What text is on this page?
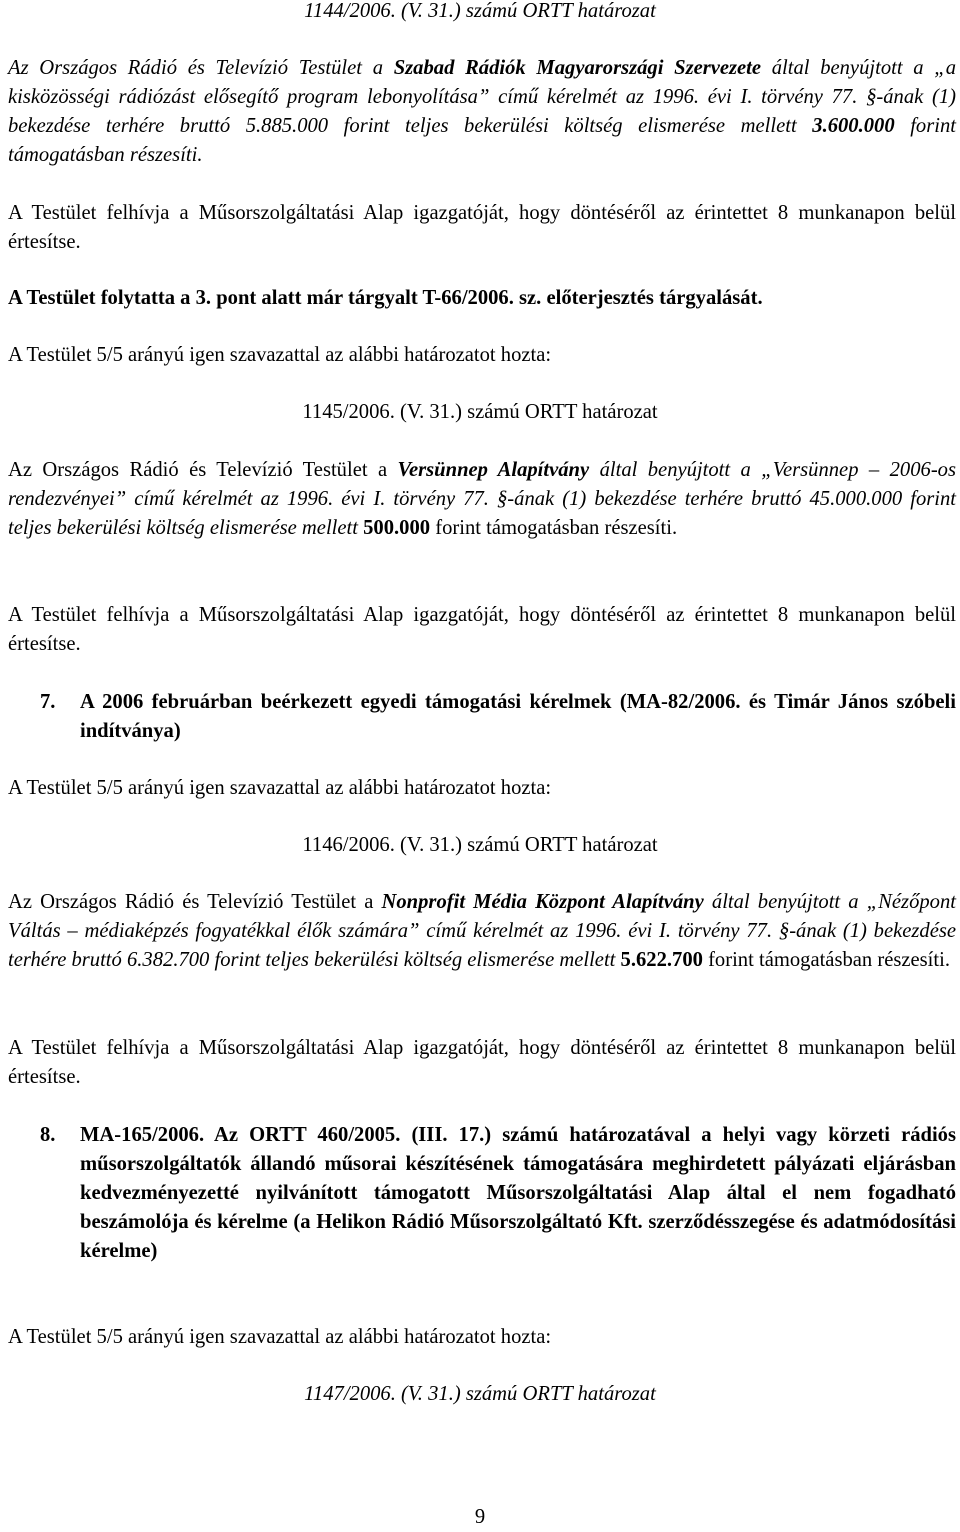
1144/2006. (V. 31.) számú ORTT határozat

Az Országos Rádió és Televízió Testület a Szabad Rádiók Magyarországi Szervezete által benyújtott a „a kisközösségi rádiózást elősegítő program lebonyolítása” című kérelmét az 1996. évi I. törvény 77. §-ának (1) bekezdése terhére bruttó 5.885.000 forint teljes bekerülési költség elismerése mellett 3.600.000 forint támogatásban részesíti.

A Testület felhívja a Műsorszolgáltatási Alap igazgatóját, hogy döntéséről az érintettet 8 munkanapon belül értesítse.

A Testület folytatta a 3. pont alatt már tárgyalt T-66/2006. sz. előterjesztés tárgyalását.

A Testület 5/5 arányú igen szavazattal az alábbi határozatot hozta:

1145/2006. (V. 31.) számú ORTT határozat

Az Országos Rádió és Televízió Testület a Versünnep Alapítvány által benyújtott a „Versünnep – 2006-os rendezvényei” című kérelmét az 1996. évi I. törvény 77. §-ának (1) bekezdése terhére bruttó 45.000.000 forint teljes bekerülési költség elismerése mellett 500.000 forint támogatásban részesíti.

A Testület felhívja a Műsorszolgáltatási Alap igazgatóját, hogy döntéséről az érintettet 8 munkanapon belül értesítse.

7. A 2006 februárban beérkezett egyedi támogatási kérelmek (MA-82/2006. és Timár János szóbeli indítványa)

A Testület 5/5 arányú igen szavazattal az alábbi határozatot hozta:

1146/2006. (V. 31.) számú ORTT határozat

Az Országos Rádió és Televízió Testület a Nonprofit Média Központ Alapítvány által benyújtott a „Nézőpont Váltás – médiaképzés fogyatékkal élők számára” című kérelmét az 1996. évi I. törvény 77. §-ának (1) bekezdése terhére bruttó 6.382.700 forint teljes bekerülési költség elismerése mellett 5.622.700 forint támogatásban részesíti.

A Testület felhívja a Műsorszolgáltatási Alap igazgatóját, hogy döntéséről az érintettet 8 munkanapon belül értesítse.

8. MA-165/2006. Az ORTT 460/2005. (III. 17.) számú határozatával a helyi vagy körzeti rádiós műsorszolgáltatók állandó műsorai készítésének támogatására meghirdetett pályázati eljárásban kedvezményezetté nyilvánított támogatott Műsorszolgáltatási Alap által el nem fogadható beszámolója és kérelme (a Helikon Rádió Műsorszolgáltató Kft. szerződésszegése és adatmódosítási kérelme)

A Testület 5/5 arányú igen szavazattal az alábbi határozatot hozta:

1147/2006. (V. 31.) számú ORTT határozat

9
